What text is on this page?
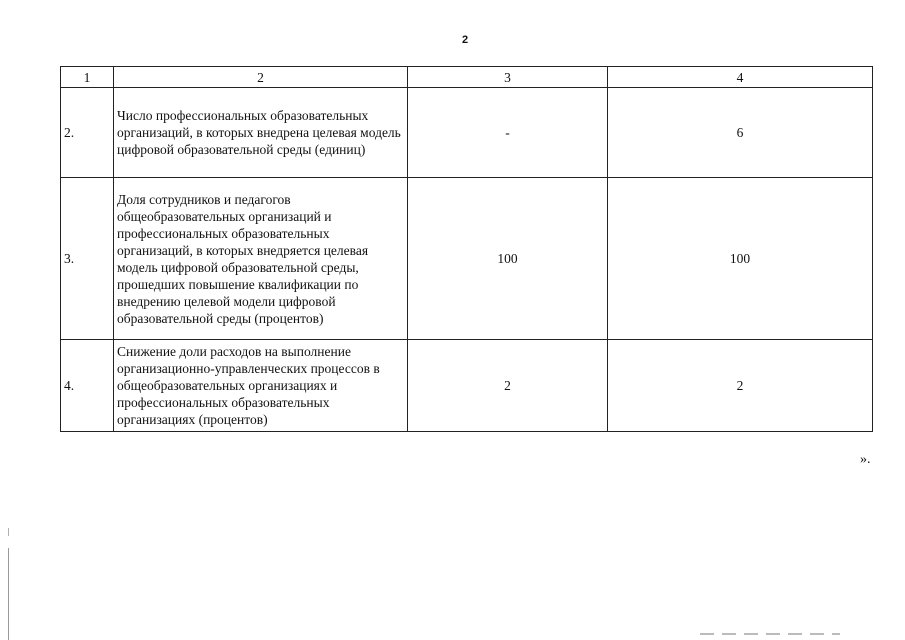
2
1	2	3	4
2.	Число профессиональных образовательных организаций, в которых внедрена целевая модель цифровой образовательной среды (единиц)	-	6
3.	Доля сотрудников и педагогов общеобразовательных организаций и профессиональных образовательных организаций, в которых внедряется целевая модель цифровой образовательной среды, прошедших повышение квалификации по внедрению целевой модели цифровой образовательной среды (процентов)	100	100
4.	Снижение доли расходов на выполнение организационно-управленческих процессов в общеобразовательных организациях и профессиональных образовательных организациях (процентов)	2	2
».
